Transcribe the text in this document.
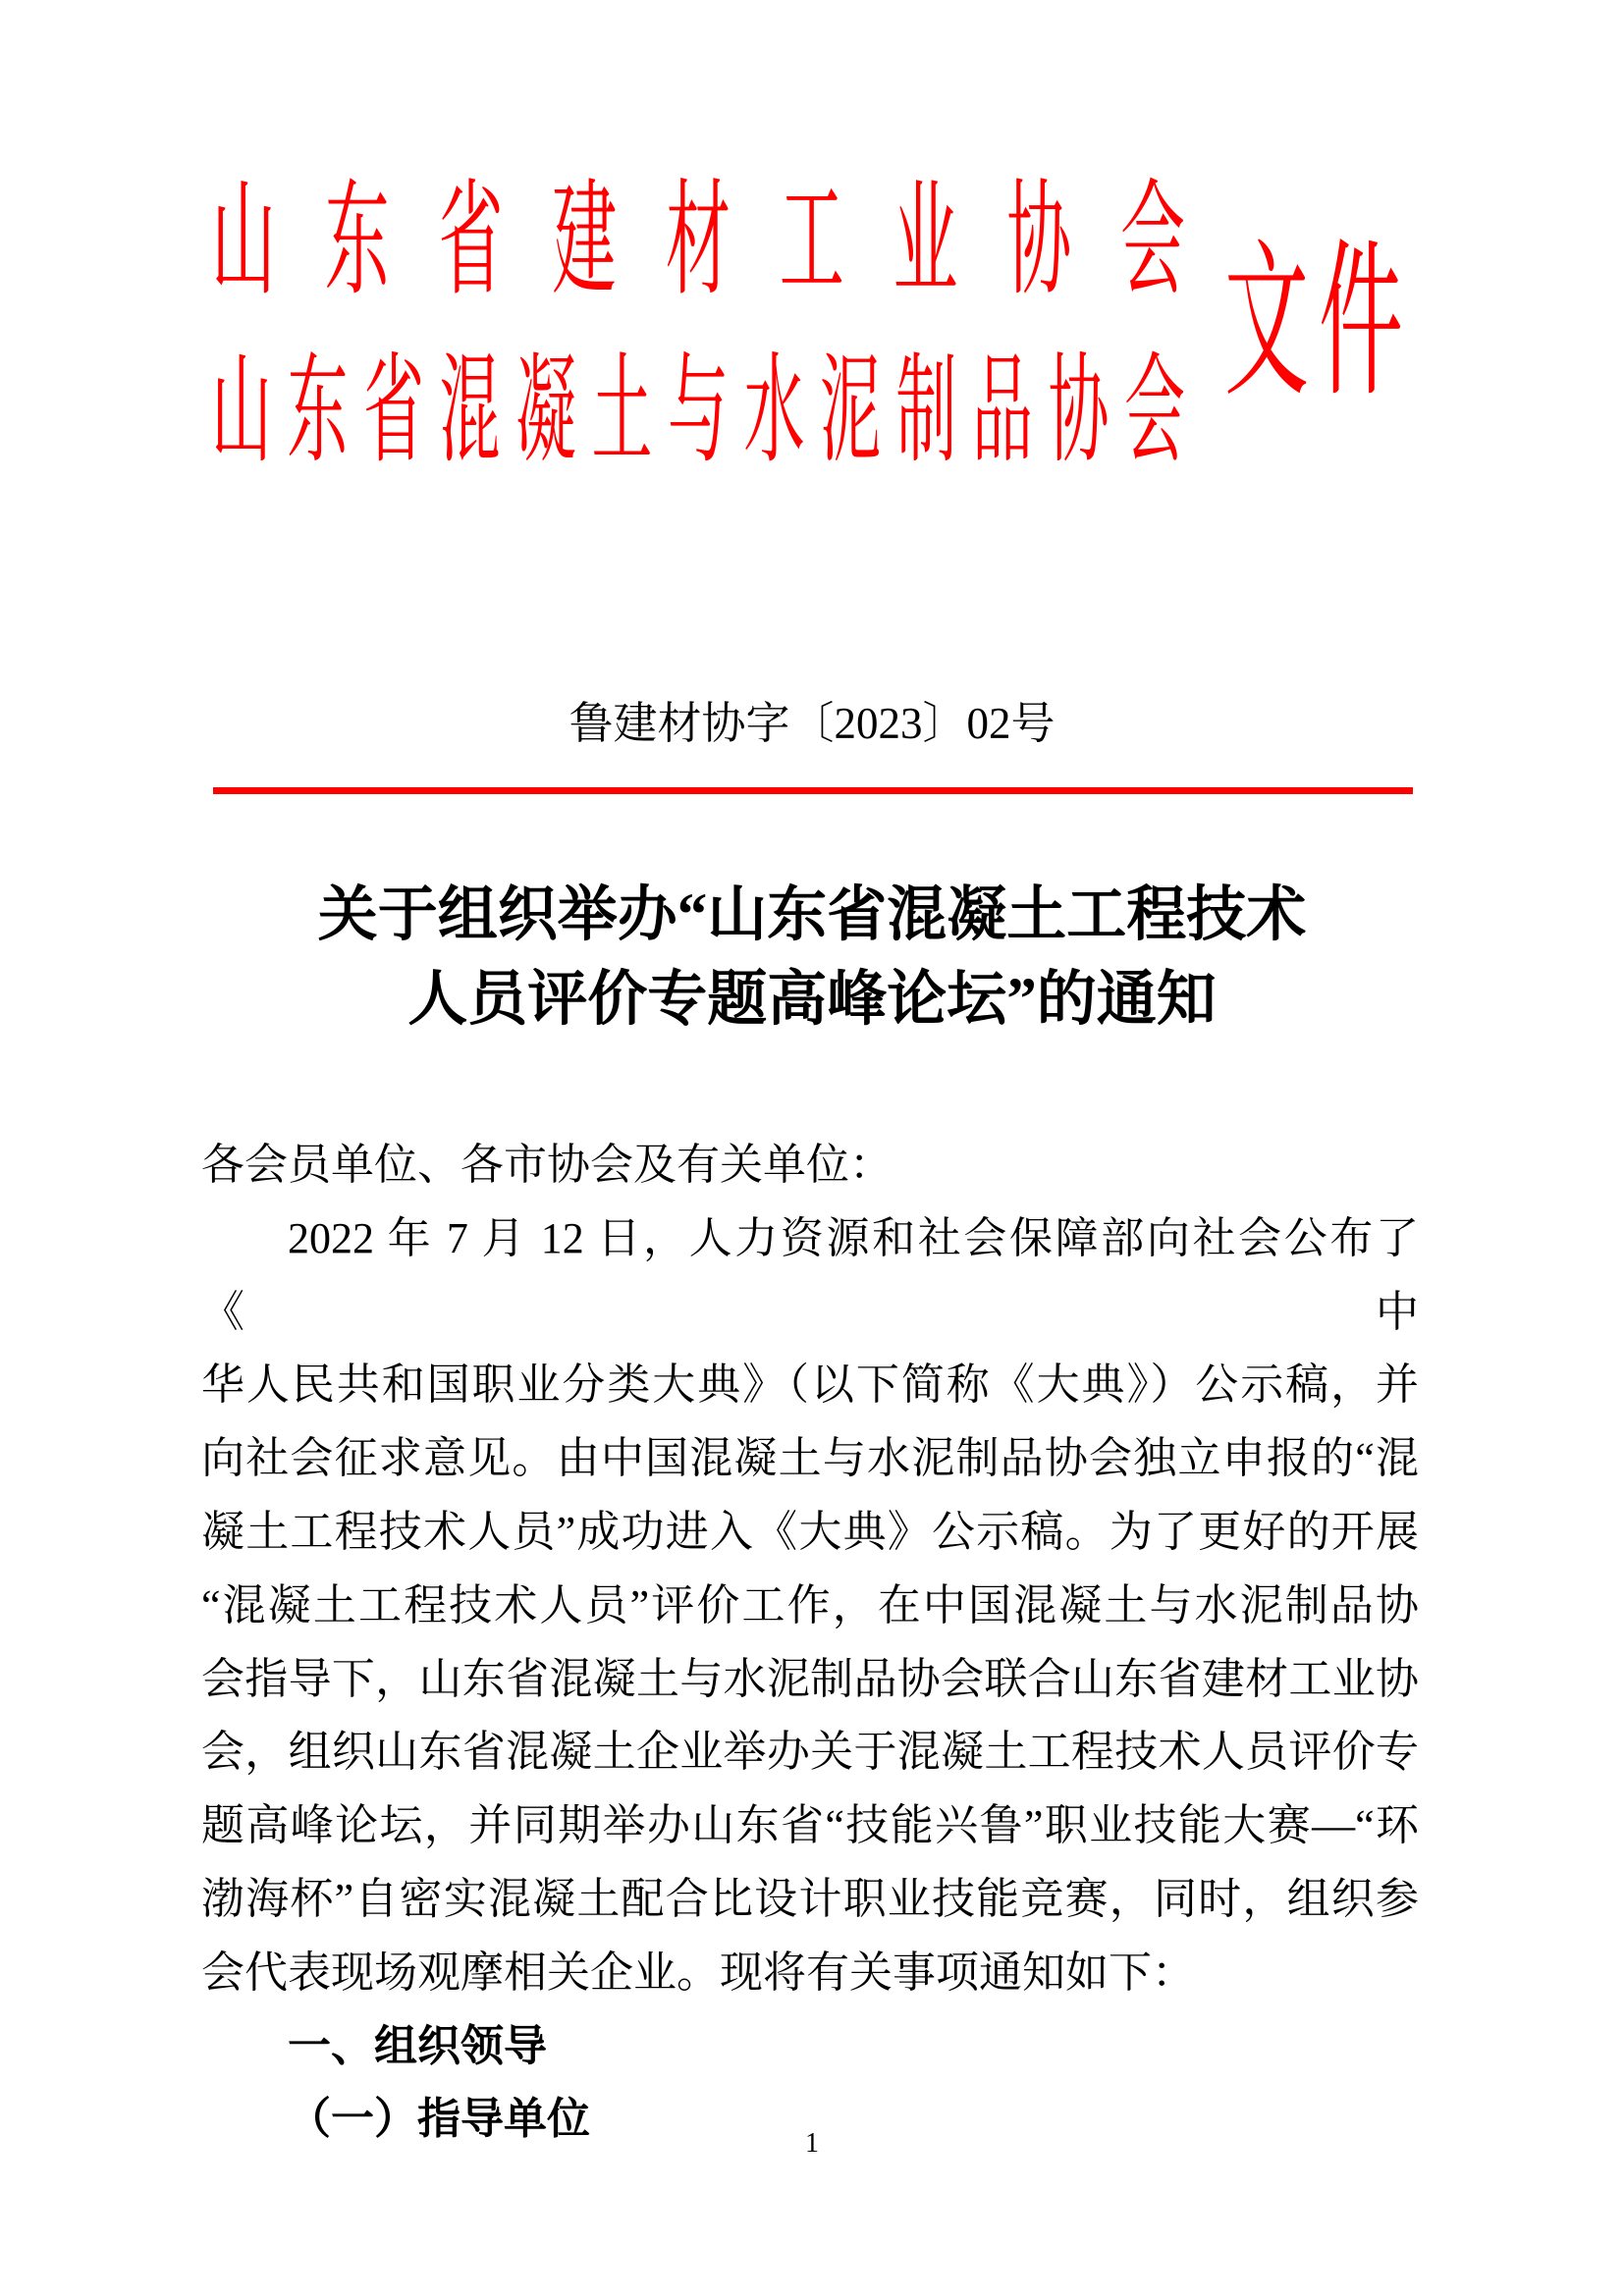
山东省建材工业协会
山东省混凝土与水泥制品协会 文件
鲁建材协字〔2023〕02号
关于组织举办“山东省混凝土工程技术
人员评价专题高峰论坛”的通知
各会员单位、各市协会及有关单位：
2022 年 7 月 12 日，人力资源和社会保障部向社会公布了《中
华人民共和国职业分类大典》（以下简称《大典》）公示稿，并
向社会征求意见。由中国混凝土与水泥制品协会独立申报的“混
凝土工程技术人员”成功进入《大典》公示稿。为了更好的开展
“混凝土工程技术人员”评价工作，在中国混凝土与水泥制品协
会指导下，山东省混凝土与水泥制品协会联合山东省建材工业协
会，组织山东省混凝土企业举办关于混凝土工程技术人员评价专
题高峰论坛，并同期举办山东省“技能兴鲁”职业技能大赛—“环
渤海杯”自密实混凝土配合比设计职业技能竞赛，同时，组织参
会代表现场观摩相关企业。现将有关事项通知如下：
一、组织领导
（一）指导单位
1
